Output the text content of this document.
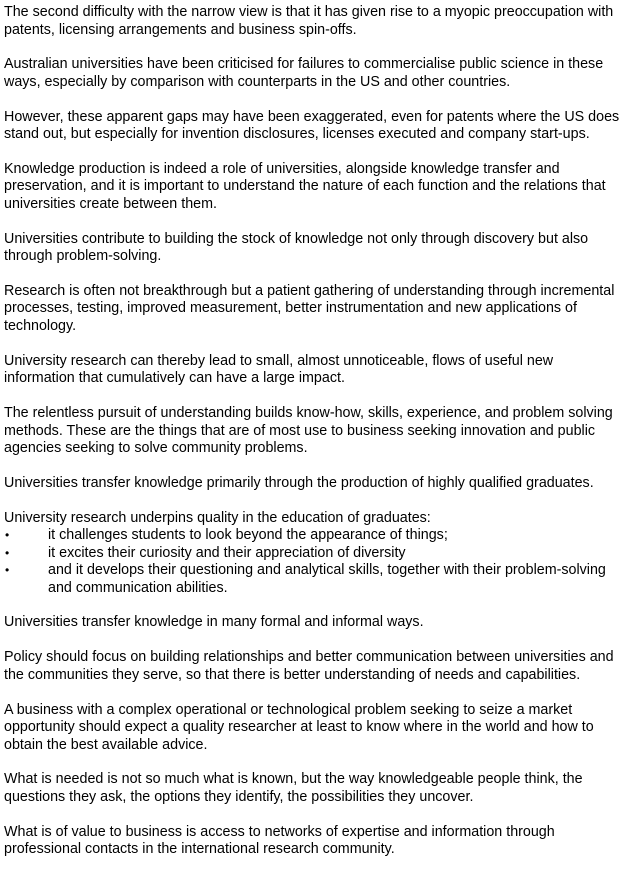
The second difficulty with the narrow view is that it has given rise to a myopic preoccupation with patents, licensing arrangements and business spin-offs.

Australian universities have been criticised for failures to commercialise public science in these ways, especially by comparison with counterparts in the US and other countries.

However, these apparent gaps may have been exaggerated, even for patents where the US does stand out, but especially for invention disclosures, licenses executed and company start-ups.

Knowledge production is indeed a role of universities, alongside knowledge transfer and preservation, and it is important to understand the nature of each function and the relations that universities create between them.

Universities contribute to building the stock of knowledge not only through discovery but also through problem-solving.

Research is often not breakthrough but a patient gathering of understanding through incremental processes, testing, improved measurement, better instrumentation and new applications of technology.

University research can thereby lead to small, almost unnoticeable, flows of useful new information that cumulatively can have a large impact.

The relentless pursuit of understanding builds know-how, skills, experience, and problem solving methods. These are the things that are of most use to business seeking innovation and public agencies seeking to solve community problems.

Universities transfer knowledge primarily through the production of highly qualified graduates.

University research underpins quality in the education of graduates:

•	it challenges students to look beyond the appearance of things;
•	it excites their curiosity and their appreciation of diversity
•	and it develops their questioning and analytical skills, together with their problem-solving and communication abilities.

Universities transfer knowledge in many formal and informal ways.

Policy should focus on building relationships and better communication between universities and the communities they serve, so that there is better understanding of needs and capabilities.

A business with a complex operational or technological problem seeking to seize a market opportunity should expect a quality researcher at least to know where in the world and how to obtain the best available advice.

What is needed is not so much what is known, but the way knowledgeable people think, the questions they ask, the options they identify, the possibilities they uncover.

What is of value to business is access to networks of expertise and information through professional contacts in the international research community.
